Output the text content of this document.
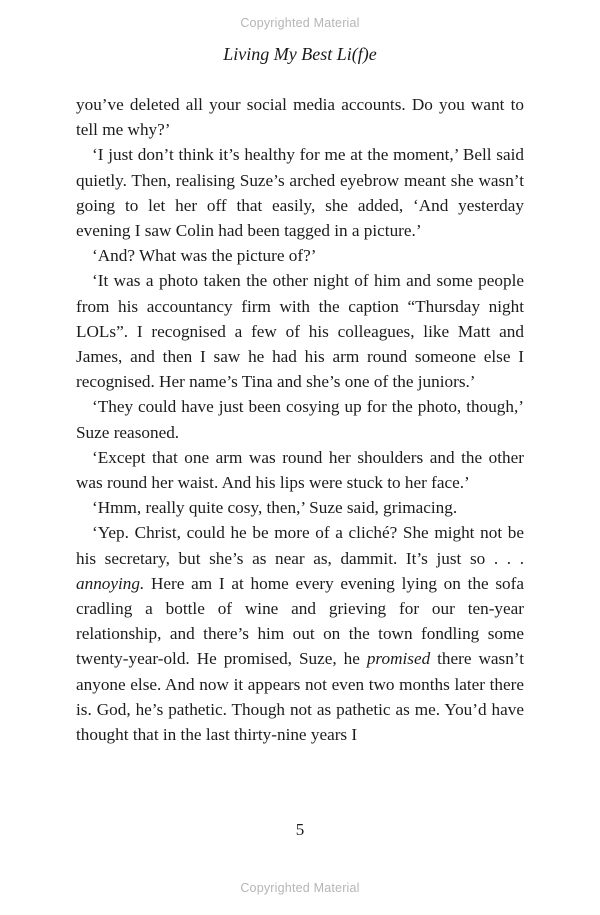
Copyrighted Material
Living My Best Li(f)e

you’ve deleted all your social media accounts. Do you want to tell me why?’

‘I just don’t think it’s healthy for me at the moment,’ Bell said quietly. Then, realising Suze’s arched eyebrow meant she wasn’t going to let her off that easily, she added, ‘And yesterday evening I saw Colin had been tagged in a picture.’

‘And? What was the picture of?’

‘It was a photo taken the other night of him and some people from his accountancy firm with the caption “Thursday night LOLs”. I recognised a few of his colleagues, like Matt and James, and then I saw he had his arm round someone else I recognised. Her name’s Tina and she’s one of the juniors.’

‘They could have just been cosying up for the photo, though,’ Suze reasoned.

‘Except that one arm was round her shoulders and the other was round her waist. And his lips were stuck to her face.’

‘Hmm, really quite cosy, then,’ Suze said, grimacing.

‘Yep. Christ, could he be more of a cliché? She might not be his secretary, but she’s as near as, dammit. It’s just so . . . annoying. Here am I at home every evening lying on the sofa cradling a bottle of wine and grieving for our ten-year relationship, and there’s him out on the town fondling some twenty-year-old. He promised, Suze, he promised there wasn’t anyone else. And now it appears not even two months later there is. God, he’s pathetic. Though not as pathetic as me. You’d have thought that in the last thirty-nine years I

5
Copyrighted Material
